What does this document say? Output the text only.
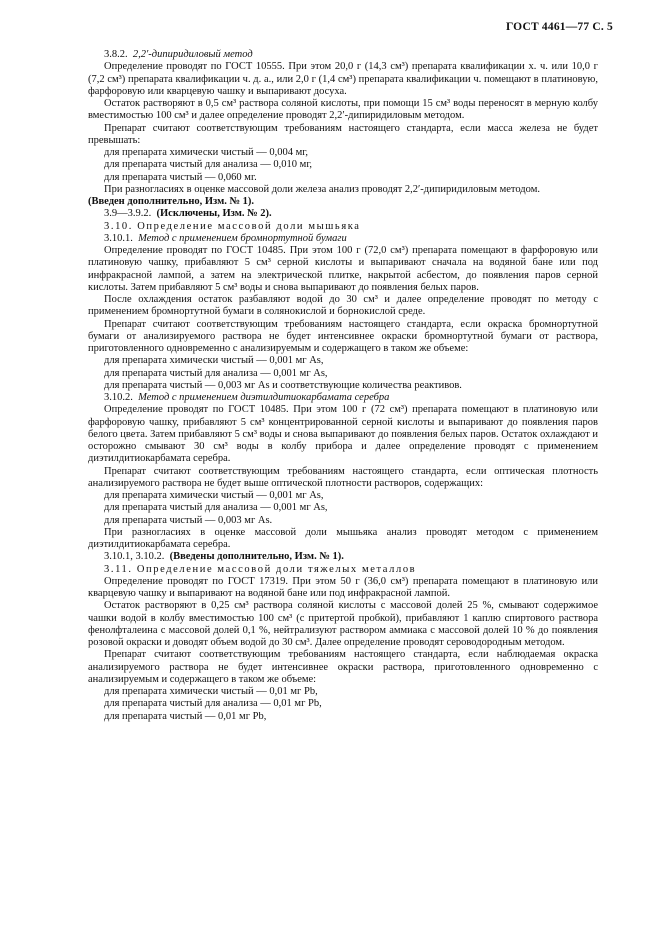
ГОСТ 4461—77 С. 5

3.8.2. 2,2′-дипиридиловый метод

Определение проводят по ГОСТ 10555. При этом 20,0 г (14,3 см³) препарата квалификации х. ч. или 10,0 г (7,2 см³) препарата квалификации ч. д. а., или 2,0 г (1,4 см³) препарата квалификации ч. помещают в платиновую, фарфоровую или кварцевую чашку и выпаривают досуха.

Остаток растворяют в 0,5 см³ раствора соляной кислоты, при помощи 15 см³ воды переносят в мерную колбу вместимостью 100 см³ и далее определение проводят 2,2′-дипиридиловым методом.

Препарат считают соответствующим требованиям настоящего стандарта, если масса железа не будет превышать:

для препарата химически чистый — 0,004 мг,

для препарата чистый для анализа — 0,010 мг,

для препарата чистый — 0,060 мг.

При разногласиях в оценке массовой доли железа анализ проводят 2,2′-дипиридиловым методом.

(Введен дополнительно, Изм. № 1).

3.9—3.9.2. (Исключены, Изм. № 2).

3.10. Определение массовой доли мышьяка

3.10.1. Метод с применением бромнортутной бумаги

Определение проводят по ГОСТ 10485. При этом 100 г (72,0 см³) препарата помещают в фарфоровую или платиновую чашку, прибавляют 5 см³ серной кислоты и выпаривают сначала на водяной бане или под инфракрасной лампой, а затем на электрической плитке, накрытой асбестом, до появления паров серной кислоты. Затем прибавляют 5 см³ воды и снова выпаривают до появления белых паров.

После охлаждения остаток разбавляют водой до 30 см³ и далее определение проводят по методу с применением бромнортутной бумаги в солянокислой и борнокислой среде.

Препарат считают соответствующим требованиям настоящего стандарта, если окраска бромнортутной бумаги от анализируемого раствора не будет интенсивнее окраски бромнортутной бумаги от раствора, приготовленного одновременно с анализируемым и содержащего в таком же объеме:

для препарата химически чистый — 0,001 мг As,

для препарата чистый для анализа — 0,001 мг As,

для препарата чистый — 0,003 мг As и соответствующие количества реактивов.

3.10.2. Метод с применением диэтилдитиокарбамата серебра

Определение проводят по ГОСТ 10485. При этом 100 г (72 см³) препарата помещают в платиновую или фарфоровую чашку, прибавляют 5 см³ концентрированной серной кислоты и выпаривают до появления паров белого цвета. Затем прибавляют 5 см³ воды и снова выпаривают до появления белых паров. Остаток охлаждают и осторожно смывают 30 см³ воды в колбу прибора и далее определение проводят с применением диэтилдитиокарбамата серебра.

Препарат считают соответствующим требованиям настоящего стандарта, если оптическая плотность анализируемого раствора не будет выше оптической плотности растворов, содержащих:

для препарата химически чистый — 0,001 мг As,

для препарата чистый для анализа — 0,001 мг As,

для препарата чистый — 0,003 мг As.

При разногласиях в оценке массовой доли мышьяка анализ проводят методом с применением диэтилдитиокарбамата серебра.

3.10.1, 3.10.2. (Введены дополнительно, Изм. № 1).

3.11. Определение массовой доли тяжелых металлов

Определение проводят по ГОСТ 17319. При этом 50 г (36,0 см³) препарата помещают в платиновую или кварцевую чашку и выпаривают на водяной бане или под инфракрасной лампой.

Остаток растворяют в 0,25 см³ раствора соляной кислоты с массовой долей 25 %, смывают содержимое чашки водой в колбу вместимостью 100 см³ (с притертой пробкой), прибавляют 1 каплю спиртового раствора фенолфталеина с массовой долей 0,1 %, нейтрализуют раствором аммиака с массовой долей 10 % до появления розовой окраски и доводят объем водой до 30 см³. Далее определение проводят сероводородным методом.

Препарат считают соответствующим требованиям настоящего стандарта, если наблюдаемая окраска анализируемого раствора не будет интенсивнее окраски раствора, приготовленного одновременно с анализируемым и содержащего в таком же объеме:

для препарата химически чистый — 0,01 мг Pb,

для препарата чистый для анализа — 0,01 мг Pb,

для препарата чистый — 0,01 мг Pb,
